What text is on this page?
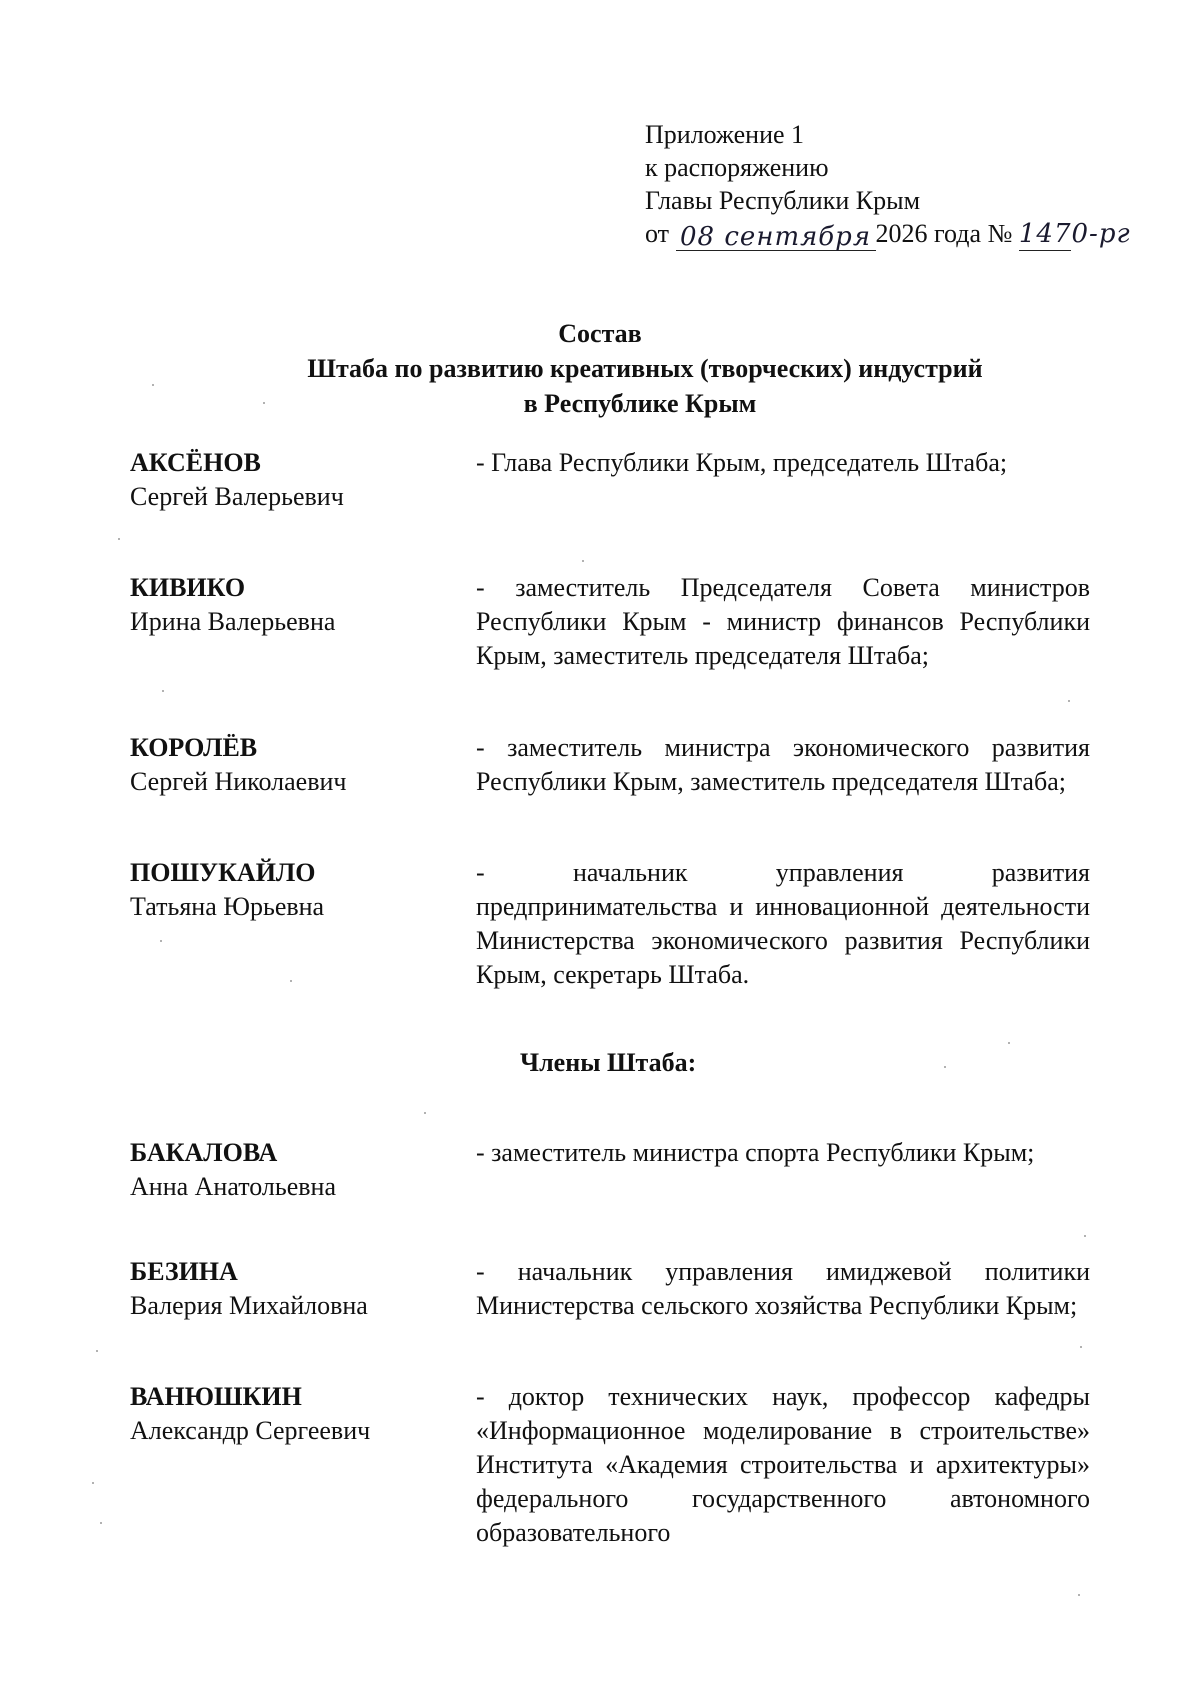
Приложение 1
к распоряжению
Главы Республики Крым
от 08 сентября 2026 года № 1470-рг
Состав
Штаба по развитию креативных (творческих) индустрий
в Республике Крым
АКСЁНОВ
Сергей Валерьевич
- Глава Республики Крым, председатель Штаба;
КИВИКО
Ирина Валерьевна
- заместитель Председателя Совета министров Республики Крым - министр финансов Республики Крым, заместитель председателя Штаба;
КОРОЛЁВ
Сергей Николаевич
- заместитель министра экономического развития Республики Крым, заместитель председателя Штаба;
ПОШУКАЙЛО
Татьяна Юрьевна
- начальник управления развития предпринимательства и инновационной деятельности Министерства экономического развития Республики Крым, секретарь Штаба.
Члены Штаба:
БАКАЛОВА
Анна Анатольевна
- заместитель министра спорта Республики Крым;
БЕЗИНА
Валерия Михайловна
- начальник управления имиджевой политики Министерства сельского хозяйства Республики Крым;
ВАНЮШКИН
Александр Сергеевич
- доктор технических наук, профессор кафедры «Информационное моделирование в строительстве» Института «Академия строительства и архитектуры» федерального государственного автономного образовательного
